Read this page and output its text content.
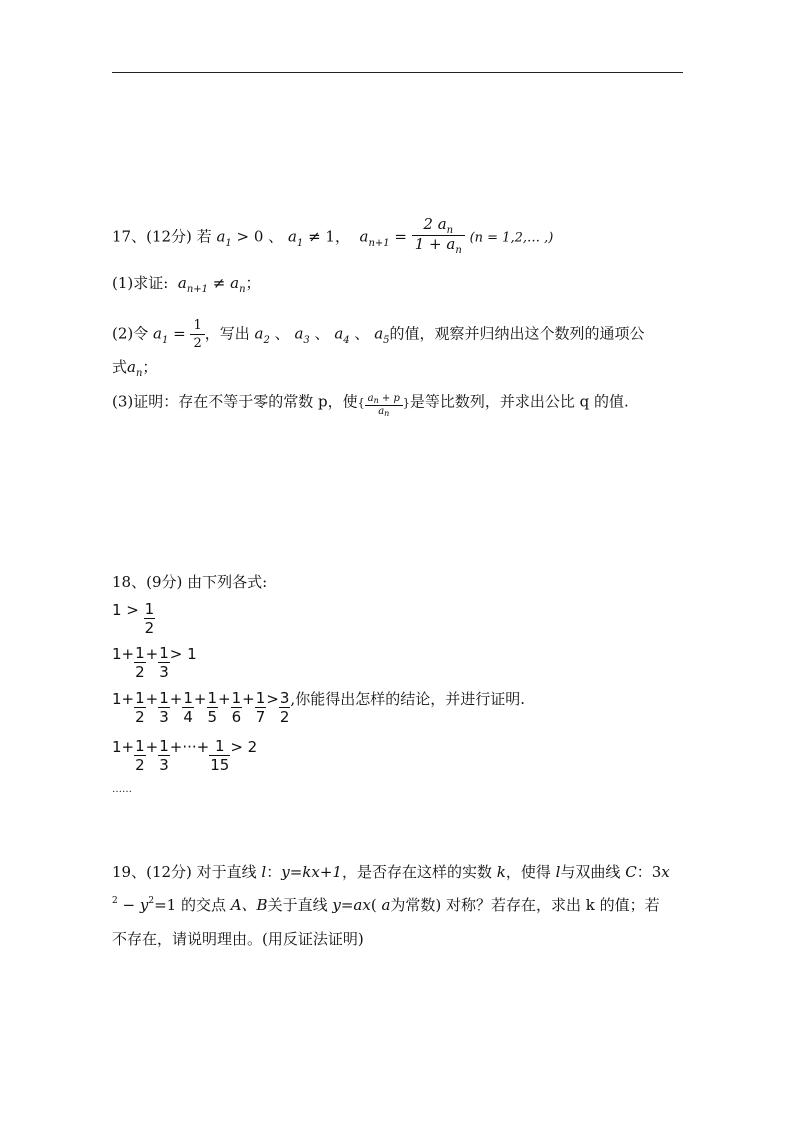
17、(12分) 若 $a_1 > 0$ 、 $a_1 \ne 1$， $a_{n+1} = \frac{2 a_n}{1 + a_n} (n$ = 1,2,… ,)
(1)求证: $a_{n+1} \ne a_n$；
(2)令 $a_1 = \frac{1}{2}$ ，写出 $a_2$ 、 $a_3$ 、 $a_4$ 、 $a_5$的值，观察并归纳出这个数列的通项公
式$a_n$；
(3)证明：存在不等于零的常数 p，使{ $\frac{a_n + p}{a_n}$ }是等比数列，并求出公比 q 的值.
18、(9分) 由下列各式:
$1 > \frac{1}{2}$
$1+ \frac{1}{2} + \frac{1}{3} > 1$
$1+ \frac{1}{2} + \frac{1}{3} + \frac{1}{4} + \frac{1}{5} + \frac{1}{6} + \frac{1}{7} > \frac{3}{2}$ ,你能得出怎样的结论，并进行证明.
$1+ \frac{1}{2} + \frac{1}{3}$ +···+ $\frac{1}{15} > 2$
……
19、(12分) 对于直线 l：y=kx+1，是否存在这样的实数 k，使得 l与双曲线 C：3x
$^2 - y^2=1$ 的交点 A、B关于直线 y=ax( a为常数) 对称？若存在，求出 k 的值；若
不存在，请说明理由。(用反证法证明)
